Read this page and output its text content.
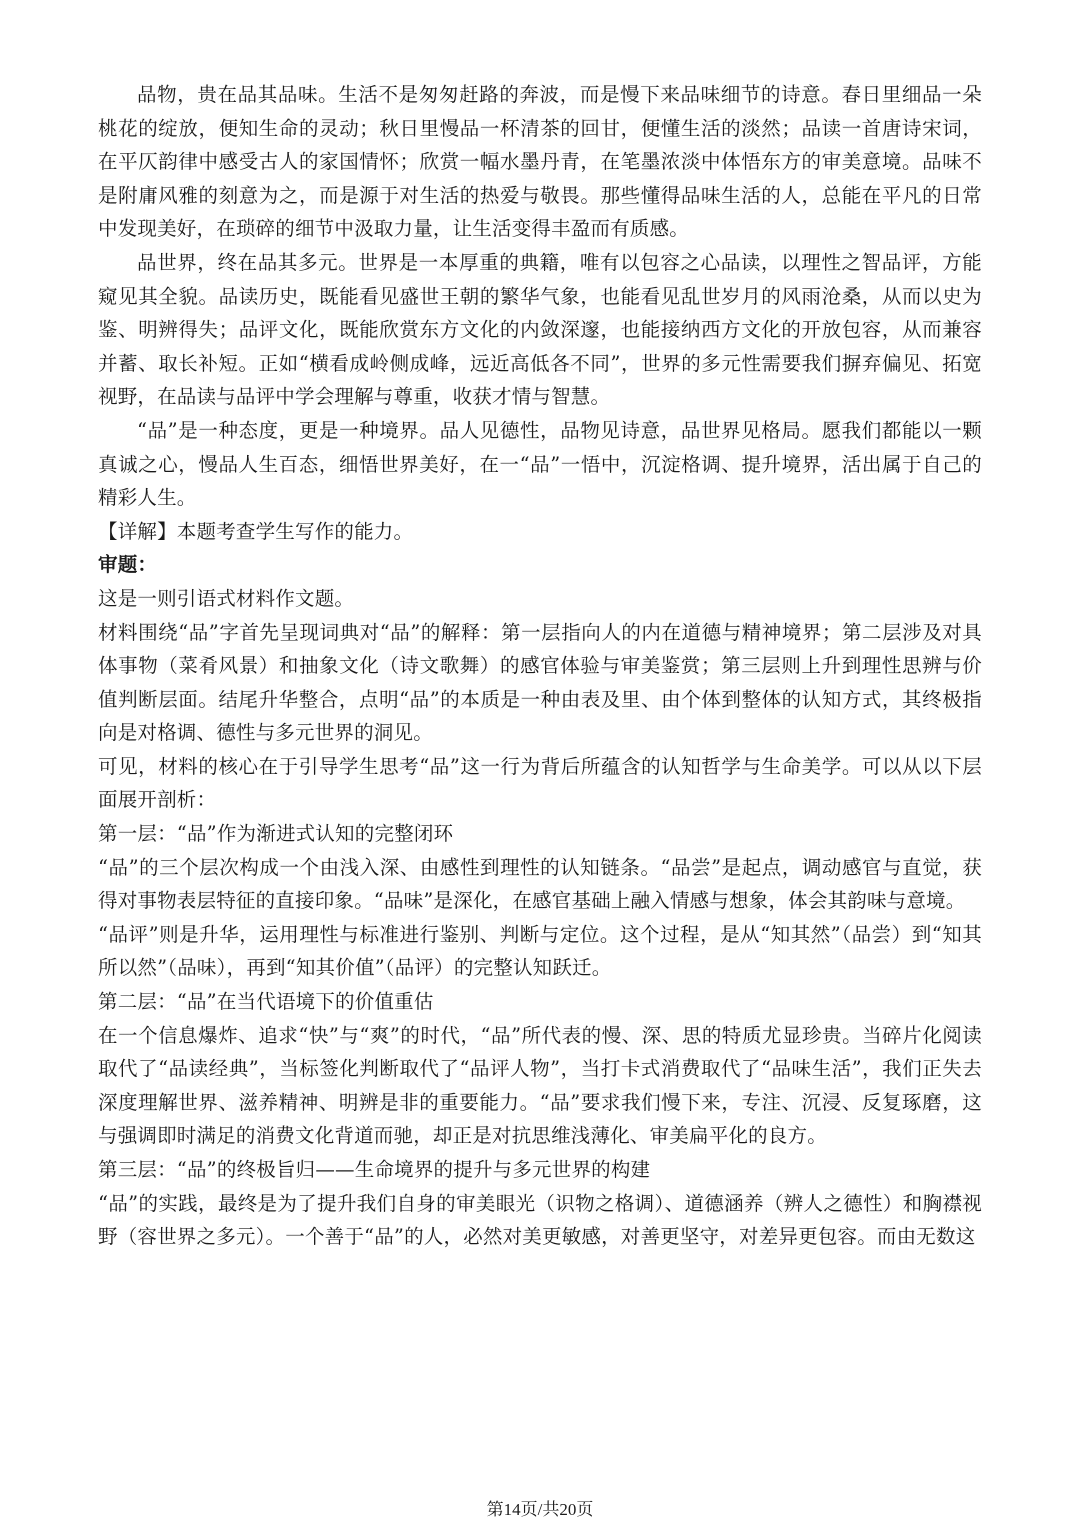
品物，贵在品其品味。生活不是匆匆赶路的奔波，而是慢下来品味细节的诗意。春日里细品一朵桃花的绽放，便知生命的灵动；秋日里慢品一杯清茶的回甘，便懂生活的淡然；品读一首唐诗宋词，在平仄韵律中感受古人的家国情怀；欣赏一幅水墨丹青，在笔墨浓淡中体悟东方的审美意境。品味不是附庸风雅的刻意为之，而是源于对生活的热爱与敬畏。那些懂得品味生活的人，总能在平凡的日常中发现美好，在琐碎的细节中汲取力量，让生活变得丰盈而有质感。

品世界，终在品其多元。世界是一本厚重的典籍，唯有以包容之心品读，以理性之智品评，方能窥见其全貌。品读历史，既能看见盛世王朝的繁华气象，也能看见乱世岁月的风雨沧桑，从而以史为鉴、明辨得失；品评文化，既能欣赏东方文化的内敛深邃，也能接纳西方文化的开放包容，从而兼容并蓄、取长补短。正如“横看成岭侧成峰，远近高低各不同”，世界的多元性需要我们摒弃偏见、拓宽视野，在品读与品评中学会理解与尊重，收获才情与智慧。

“品”是一种态度，更是一种境界。品人见德性，品物见诗意，品世界见格局。愿我们都能以一颗真诚之心，慢品人生百态，细悟世界美好，在一“品”一悟中，沉淀格调、提升境界，活出属于自己的精彩人生。

【详解】本题考查学生写作的能力。

审题：

这是一则引语式材料作文题。

材料围绕“品”字首先呈现词典对“品”的解释：第一层指向人的内在道德与精神境界；第二层涉及对具体事物（菜肴风景）和抽象文化（诗文歌舞）的感官体验与审美鉴赏；第三层则上升到理性思辨与价值判断层面。结尾升华整合，点明“品”的本质是一种由表及里、由个体到整体的认知方式，其终极指向是对格调、德性与多元世界的洞见。

可见，材料的核心在于引导学生思考“品”这一行为背后所蕴含的认知哲学与生命美学。可以从以下层面展开剖析：

第一层：“品”作为渐进式认知的完整闭环

“品”的三个层次构成一个由浅入深、由感性到理性的认知链条。“品尝”是起点，调动感官与直觉，获得对事物表层特征的直接印象。“品味”是深化，在感官基础上融入情感与想象，体会其韵味与意境。

“品评”则是升华，运用理性与标准进行鉴别、判断与定位。这个过程，是从“知其然”（品尝）到“知其所以然”（品味），再到“知其价值”（品评）的完整认知跃迁。

第二层：“品”在当代语境下的价值重估

在一个信息爆炸、追求“快”与“爽”的时代，“品”所代表的慢、深、思的特质尤显珍贵。当碎片化阅读取代了“品读经典”，当标签化判断取代了“品评人物”，当打卡式消费取代了“品味生活”，我们正失去深度理解世界、滋养精神、明辨是非的重要能力。“品”要求我们慢下来，专注、沉浸、反复琢磨，这与强调即时满足的消费文化背道而驰，却正是对抗思维浅薄化、审美扁平化的良方。

第三层：“品”的终极旨归——生命境界的提升与多元世界的构建

“品”的实践，最终是为了提升我们自身的审美眼光（识物之格调）、道德涵养（辨人之德性）和胸襟视野（容世界之多元）。一个善于“品”的人，必然对美更敏感，对善更坚守，对差异更包容。而由无数这

第14页/共20页
